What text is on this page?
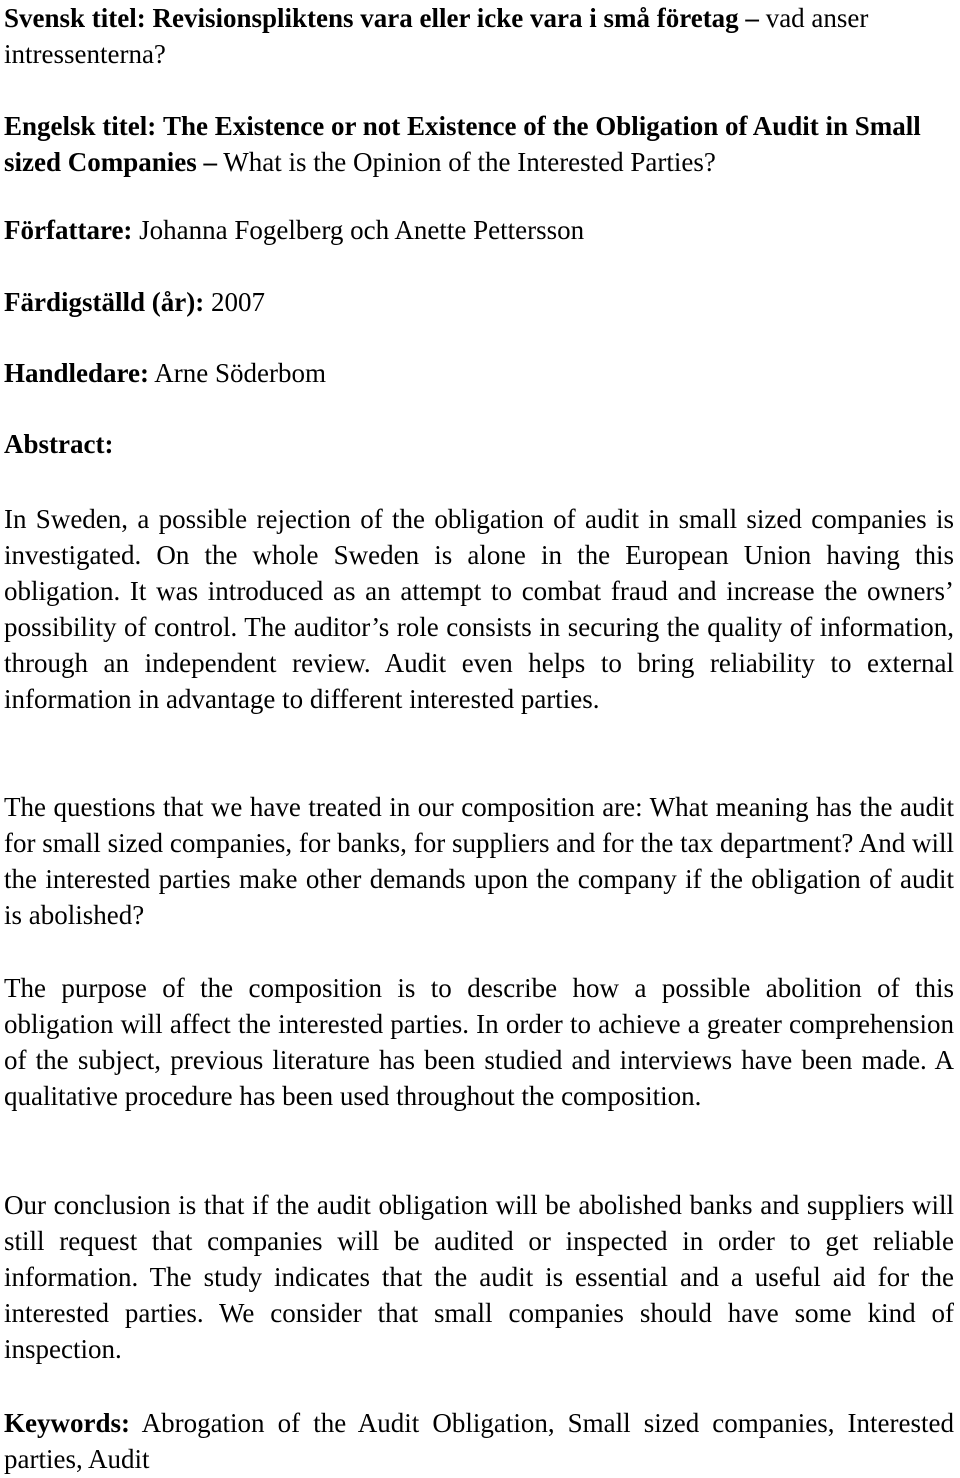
Svensk titel: Revisionspliktens vara eller icke vara i små företag – vad anser intressenterna?

Engelsk titel: The Existence or not Existence of the Obligation of Audit in Small sized Companies – What is the Opinion of the Interested Parties?

Författare: Johanna Fogelberg och Anette Pettersson

Färdigställd (år): 2007

Handledare: Arne Söderbom

Abstract:

In Sweden, a possible rejection of the obligation of audit in small sized companies is investigated. On the whole Sweden is alone in the European Union having this obligation. It was introduced as an attempt to combat fraud and increase the owners’ possibility of control. The auditor’s role consists in securing the quality of information, through an independent review. Audit even helps to bring reliability to external information in advantage to different interested parties.

The questions that we have treated in our composition are: What meaning has the audit for small sized companies, for banks, for suppliers and for the tax department? And will the interested parties make other demands upon the company if the obligation of audit is abolished?

The purpose of the composition is to describe how a possible abolition of this obligation will affect the interested parties. In order to achieve a greater comprehension of the subject, previous literature has been studied and interviews have been made. A qualitative procedure has been used throughout the composition.

Our conclusion is that if the audit obligation will be abolished banks and suppliers will still request that companies will be audited or inspected in order to get reliable information. The study indicates that the audit is essential and a useful aid for the interested parties. We consider that small companies should have some kind of inspection.

Keywords: Abrogation of the Audit Obligation, Small sized companies, Interested parties, Audit
